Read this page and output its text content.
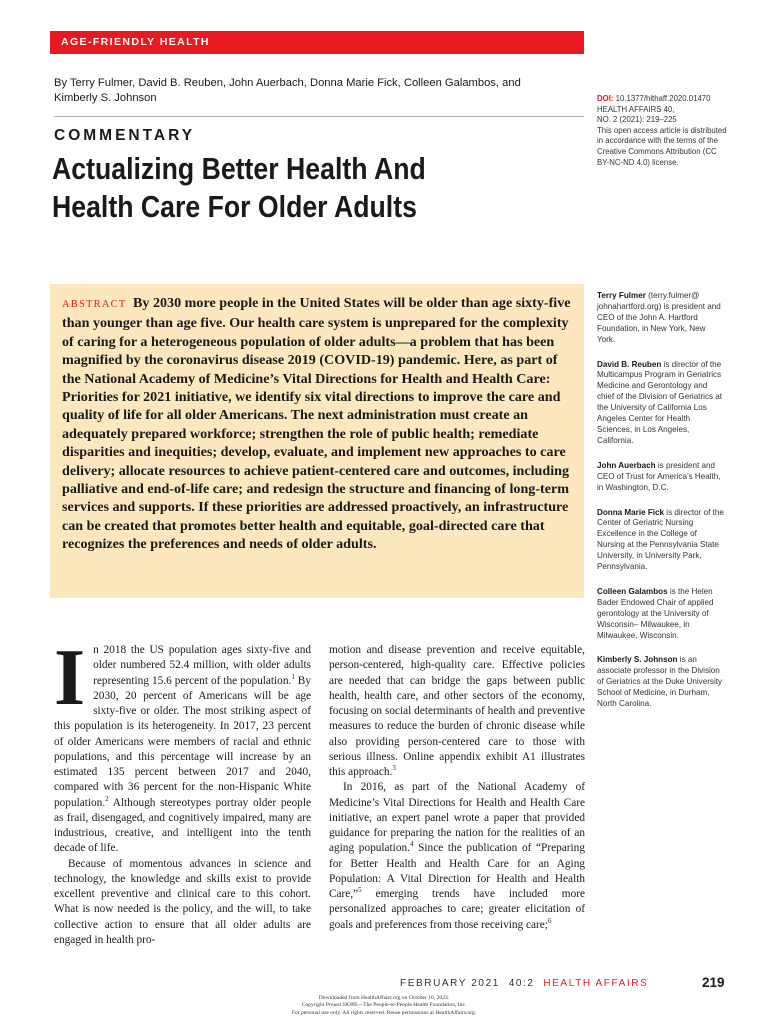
AGE-FRIENDLY HEALTH
By Terry Fulmer, David B. Reuben, John Auerbach, Donna Marie Fick, Colleen Galambos, and Kimberly S. Johnson
COMMENTARY
Actualizing Better Health And
Health Care For Older Adults
DOI: 10.1377/hlthaff.2020.01470
HEALTH AFFAIRS 40,
NO. 2 (2021): 219–225
This open access article is distributed in accordance with the terms of the Creative Commons Attribution (CC BY-NC-ND 4.0) license.
ABSTRACT By 2030 more people in the United States will be older than age sixty-five than younger than age five. Our health care system is unprepared for the complexity of caring for a heterogeneous population of older adults—a problem that has been magnified by the coronavirus disease 2019 (COVID-19) pandemic. Here, as part of the National Academy of Medicine’s Vital Directions for Health and Health Care: Priorities for 2021 initiative, we identify six vital directions to improve the care and quality of life for all older Americans. The next administration must create an adequately prepared workforce; strengthen the role of public health; remediate disparities and inequities; develop, evaluate, and implement new approaches to care delivery; allocate resources to achieve patient-centered care and outcomes, including palliative and end-of-life care; and redesign the structure and financing of long-term services and supports. If these priorities are addressed proactively, an infrastructure can be created that promotes better health and equitable, goal-directed care that recognizes the preferences and needs of older adults.
Terry Fulmer (terry.fulmer@ johnahartford.org) is president and CEO of the John A. Hartford Foundation, in New York, New York.
David B. Reuben is director of the Multicampus Program in Geriatrics Medicine and Gerontology and chief of the Division of Geriatrics at the University of California Los Angeles Center for Health Sciences, in Los Angeles, California.
John Auerbach is president and CEO of Trust for America’s Health, in Washington, D.C.
Donna Marie Fick is director of the Center of Geriatric Nursing Excellence in the College of Nursing at the Pennsylvania State University, in University Park, Pennsylvania.
Colleen Galambos is the Helen Bader Endowed Chair of applied gerontology at the University of Wisconsin– Milwaukee, in Milwaukee, Wisconsin.
Kimberly S. Johnson is an associate professor in the Division of Geriatrics at the Duke University School of Medicine, in Durham, North Carolina.

In 2018 the US population ages sixty-five and older numbered 52.4 million, with older adults representing 15.6 percent of the population.$^1$ By 2030, 20 percent of Americans will be age sixty-five or older. The most striking aspect of this population is its heterogeneity. In 2017, 23 percent of older Americans were members of racial and ethnic populations, and this percentage will increase by an estimated 135 percent between 2017 and 2040, compared with 36 percent for the non-Hispanic White population.$^2$ Although stereotypes portray older people as frail, disengaged, and cognitively impaired, many are industrious, creative, and intelligent into the tenth decade of life.

Because of momentous advances in science and technology, the knowledge and skills exist to provide excellent preventive and clinical care to this cohort. What is now needed is the policy, and the will, to take collective action to ensure that all older adults are engaged in health pro-

motion and disease prevention and receive equitable, person-centered, high-quality care. Effective policies are needed that can bridge the gaps between public health, health care, and other sectors of the economy, focusing on social determinants of health and preventive measures to reduce the burden of chronic disease while also providing person-centered care to those with serious illness. Online appendix exhibit A1 illustrates this approach.$^3$

In 2016, as part of the National Academy of Medicine’s Vital Directions for Health and Health Care initiative, an expert panel wrote a paper that provided guidance for preparing the nation for the realities of an aging population.$^4$ Since the publication of “Preparing for Better Health and Health Care for an Aging Population: A Vital Direction for Health and Health Care,”$^5$ emerging trends have included more personalized approaches to care; greater elicitation of goals and preferences from those receiving care;$^6$

FEBRUARY 2021 40:2 HEALTH AFFAIRS	219
Downloaded from HealthAffairs.org on October 10, 2023.
Copyright Project HOPE—The People-to-People Health Foundation, Inc.
For personal use only. All rights reserved. Reuse permissions at HealthAffairs.org.
